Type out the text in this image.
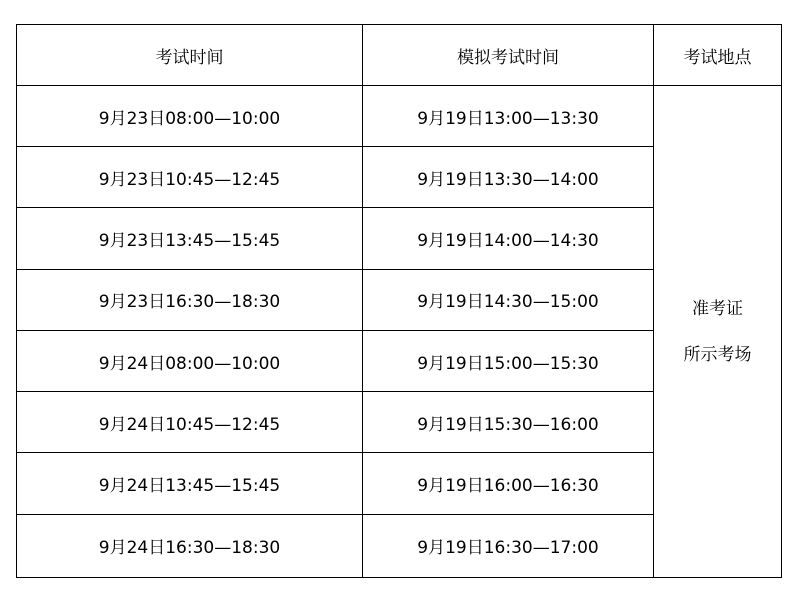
考试时间	模拟考试时间	考试地点
9月23日08:00—10:00	9月19日13:00—13:30	准考证
所示考场

9月23日10:45—12:45	9月19日13:30—14:00	
9月23日13:45—15:45	9月19日14:00—14:30	
9月23日16:30—18:30	9月19日14:30—15:00	
9月24日08:00—10:00	9月19日15:00—15:30	
9月24日10:45—12:45	9月19日15:30—16:00	
9月24日13:45—15:45	9月19日16:00—16:30	
9月24日16:30—18:30	9月19日16:30—17:00	
